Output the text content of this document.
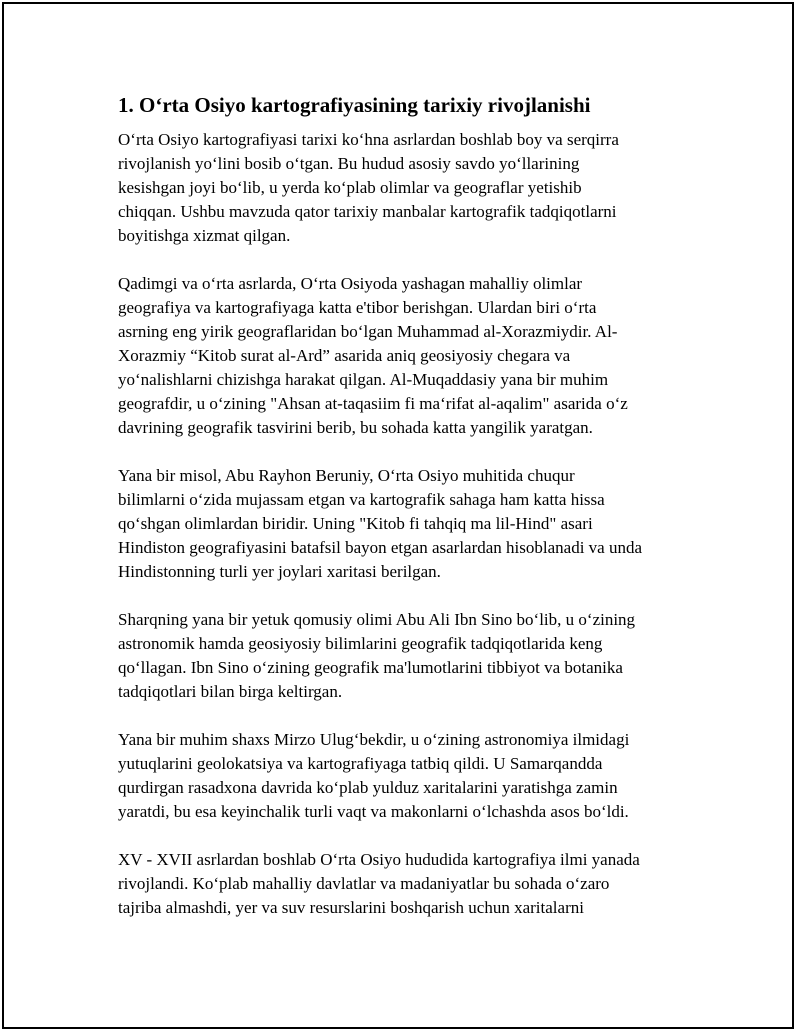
1. O‘rta Osiyo kartografiyasining tarixiy rivojlanishi
O‘rta Osiyo kartografiyasi tarixi ko‘hna asrlardan boshlab boy va serqirra
rivojlanish yo‘lini bosib o‘tgan. Bu hudud asosiy savdo yo‘llarining
kesishgan joyi bo‘lib, u yerda ko‘plab olimlar va geograflar yetishib
chiqqan. Ushbu mavzuda qator tarixiy manbalar kartografik tadqiqotlarni
boyitishga xizmat qilgan.
Qadimgi va o‘rta asrlarda, O‘rta Osiyoda yashagan mahalliy olimlar
geografiya va kartografiyaga katta e'tibor berishgan. Ulardan biri o‘rta
asrning eng yirik geograflaridan bo‘lgan Muhammad al-Xorazmiydir. Al-
Xorazmiy “Kitob surat al-Ard” asarida aniq geosiyosiy chegara va
yo‘nalishlarni chizishga harakat qilgan. Al-Muqaddasiy yana bir muhim
geografdir, u o‘zining "Ahsan at-taqasiim fi ma‘rifat al-aqalim" asarida o‘z
davrining geografik tasvirini berib, bu sohada katta yangilik yaratgan.
Yana bir misol, Abu Rayhon Beruniy, O‘rta Osiyo muhitida chuqur
bilimlarni o‘zida mujassam etgan va kartografik sahaga ham katta hissa
qo‘shgan olimlardan biridir. Uning "Kitob fi tahqiq ma lil-Hind" asari
Hindiston geografiyasini batafsil bayon etgan asarlardan hisoblanadi va unda
Hindistonning turli yer joylari xaritasi berilgan.
Sharqning yana bir yetuk qomusiy olimi Abu Ali Ibn Sino bo‘lib, u o‘zining
astronomik hamda geosiyosiy bilimlarini geografik tadqiqotlarida keng
qo‘llagan. Ibn Sino o‘zining geografik ma'lumotlarini tibbiyot va botanika
tadqiqotlari bilan birga keltirgan.
Yana bir muhim shaxs Mirzo Ulug‘bekdir, u o‘zining astronomiya ilmidagi
yutuqlarini geolokatsiya va kartografiyaga tatbiq qildi. U Samarqandda
qurdirgan rasadxona davrida ko‘plab yulduz xaritalarini yaratishga zamin
yaratdi, bu esa keyinchalik turli vaqt va makonlarni o‘lchashda asos bo‘ldi.
XV - XVII asrlardan boshlab O‘rta Osiyo hududida kartografiya ilmi yanada
rivojlandi. Ko‘plab mahalliy davlatlar va madaniyatlar bu sohada o‘zaro
tajriba almashdi, yer va suv resurslarini boshqarish uchun xaritalarni
